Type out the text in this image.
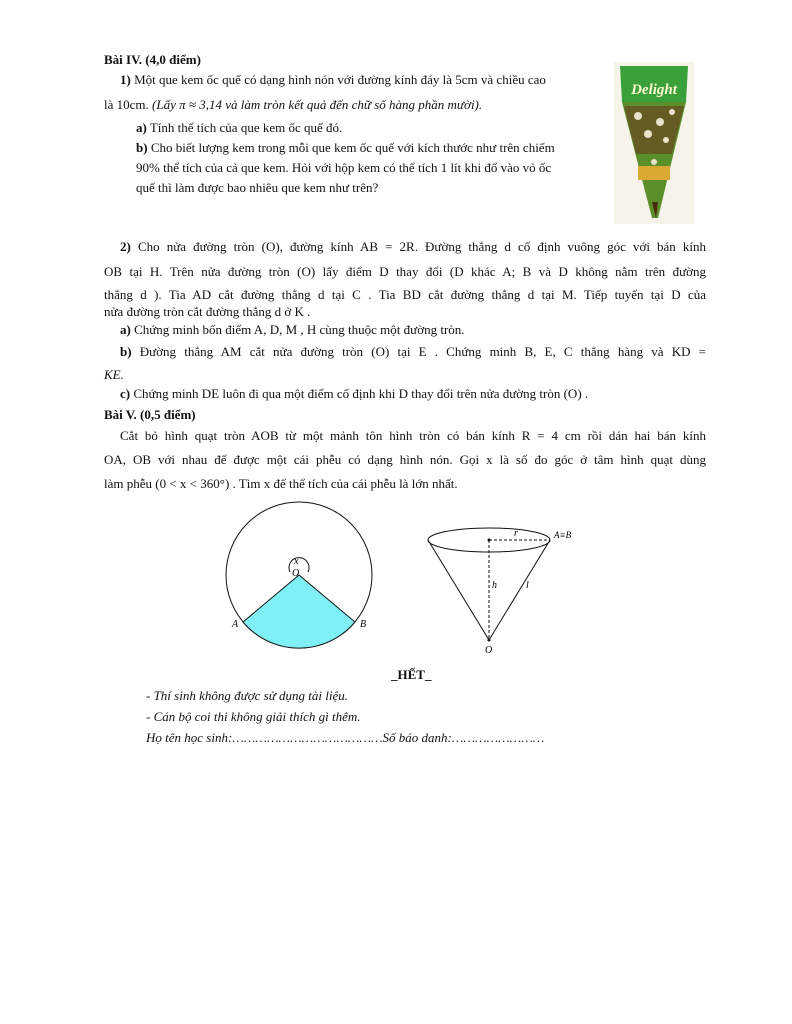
Bài IV. (4,0 điểm)
1) Một que kem ốc quế có dạng hình nón với đường kính đáy là 5cm và chiều cao
là 10cm. (Lấy π ≈ 3,14 và làm tròn kết quả đến chữ số hàng phần mười).
a) Tính thể tích của que kem ốc quế đó.
b) Cho biết lượng kem trong mỗi que kem ốc quế với kích thước như trên chiếm
90% thể tích của cả que kem. Hỏi với hộp kem có thể tích 1 lít khi đổ vào vỏ ốc
quế thì làm được bao nhiêu que kem như trên?
Delight
2) Cho nửa đường tròn (O), đường kính AB = 2R. Đường thẳng d cố định vuông góc với bán kính
OB tại H. Trên nửa đường tròn (O) lấy điểm D thay đổi (D khác A; B và D không nằm trên đường
thẳng d ). Tia AD cắt đường thẳng d tại C . Tia BD cắt đường thẳng d tại M. Tiếp tuyến tại D của
nửa đường tròn cắt đường thẳng d ở K .
a) Chứng minh bốn điểm A, D, M , H cùng thuộc một đường tròn.
b) Đường thẳng AM cắt nửa đường tròn (O) tại E . Chứng minh B, E, C thẳng hàng và KD =
KE.
c) Chứng minh DE luôn đi qua một điểm cố định khi D thay đổi trên nửa đường tròn (O) .
Bài V. (0,5 điểm)
Cắt bỏ hình quạt tròn AOB từ một mảnh tôn hình tròn có bán kính R = 4 cm rồi dán hai bán kính
OA, OB với nhau để được một cái phễu có dạng hình nón. Gọi x là số đo góc ở tâm hình quạt dùng
làm phễu (0 < x < 360°) . Tìm x để thể tích của cái phễu là lớn nhất.
x
O
A	B
r	A≡B
h	l
O
_HẾT_
- Thí sinh không được sử dụng tài liệu.
- Cán bộ coi thi không giải thích gì thêm.
Họ tên học sinh:…………………………………Số báo danh:……………………
